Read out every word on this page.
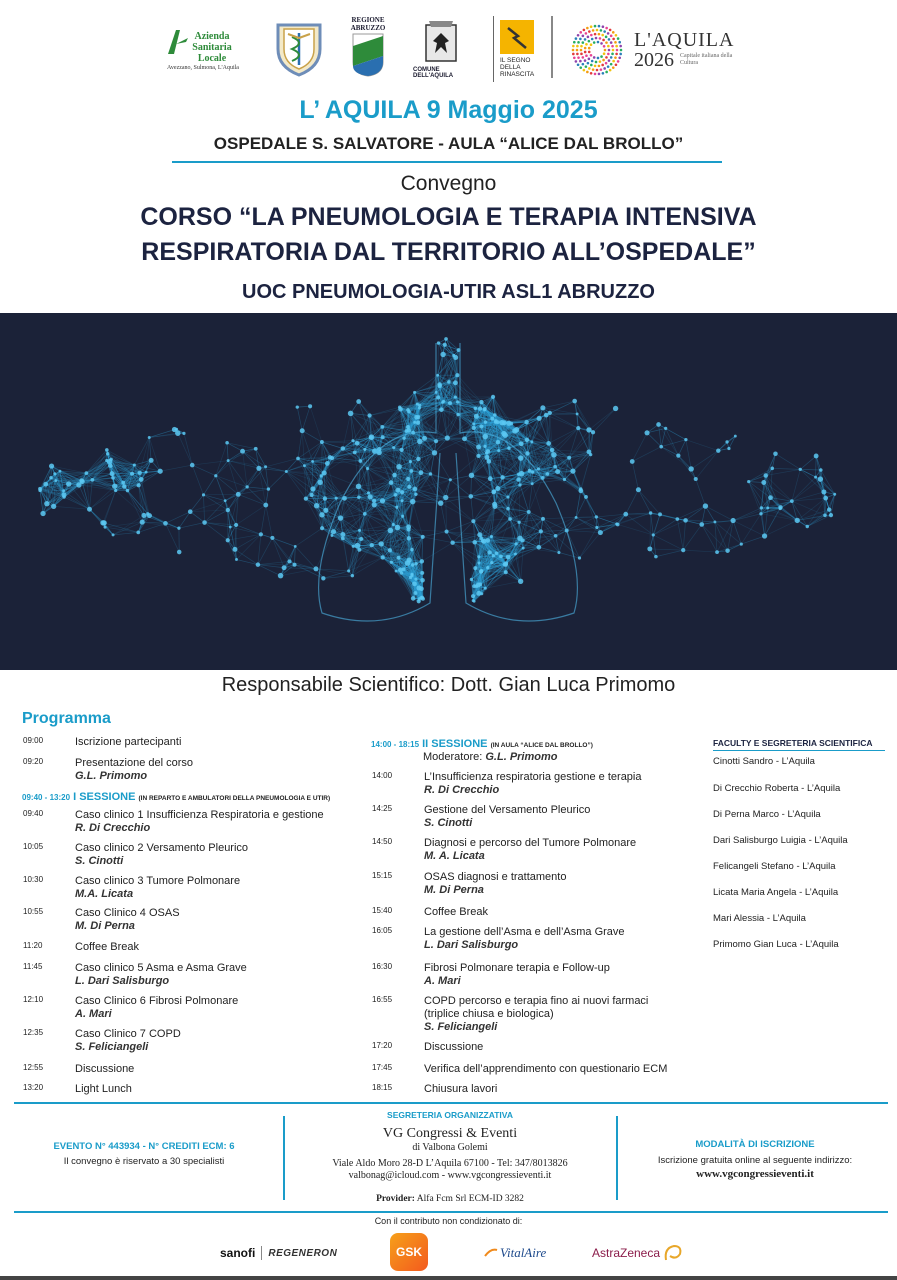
Azienda
Sanitaria
Locale
Avezzano, Sulmona, L'Aquila
REGIONE
ABRUZZO
COMUNE DELL'AQUILA
IL SEGNO
DELLA
RINASCITA
L'AQUILA
2026 Capitale italiana della Cultura
L’ AQUILA 9 Maggio 2025
OSPEDALE S. SALVATORE - AULA “ALICE DAL BROLLO”
Convegno
CORSO “LA PNEUMOLOGIA E TERAPIA INTENSIVA
RESPIRATORIA DAL TERRITORIO ALL’OSPEDALE”
UOC PNEUMOLOGIA-UTIR ASL1 ABRUZZO
Responsabile Scientifico: Dott. Gian Luca Primomo
Programma
09:00	Iscrizione partecipanti
09:20	Presentazione del corso
G.L. Primomo
09:40	Caso clinico 1 Insufficienza Respiratoria e gestione
R. Di Crecchio
10:05	Caso clinico 2 Versamento Pleurico
S. Cinotti
10:30	Caso clinico 3 Tumore Polmonare
M.A. Licata
10:55	Caso Clinico 4 OSAS
M. Di Perna
11:20	Coffee Break
11:45	Caso clinico 5 Asma e Asma Grave
L. Dari Salisburgo
12:10	Caso Clinico 6 Fibrosi Polmonare
A. Mari
12:35	Caso Clinico 7 COPD
S. Feliciangeli
12:55	Discussione
13:20	Light Lunch
14:00	L’Insufficienza respiratoria gestione e terapia
R. Di Crecchio
14:25	Gestione del Versamento Pleurico
S. Cinotti
14:50	Diagnosi e percorso del Tumore Polmonare
M. A. Licata
15:15	OSAS diagnosi e trattamento
M. Di Perna
15:40	Coffee Break
16:05	La gestione dell’Asma e dell’Asma Grave
L. Dari Salisburgo
16:30	Fibrosi Polmonare terapia e Follow-up
A. Mari
16:55	COPD percorso e terapia fino ai nuovi farmaci
(triplice chiusa e biologica)
S. Feliciangeli
17:20	Discussione
17:45	Verifica dell’apprendimento con questionario ECM
18:15	Chiusura lavori
09:40 - 13:20 I SESSIONE (IN REPARTO E AMBULATORI DELLA PNEUMOLOGIA E UTIR)
14:00 - 18:15 II SESSIONE (IN AULA “ALICE DAL BROLLO”)
Moderatore: G.L. Primomo
FACULTY E SEGRETERIA SCIENTIFICA
Cinotti Sandro - L’Aquila
Di Crecchio Roberta - L’Aquila
Di Perna Marco - L’Aquila
Dari Salisburgo Luigia - L’Aquila
Felicangeli Stefano - L’Aquila
Licata Maria Angela - L’Aquila
Mari Alessia - L’Aquila
Primomo Gian Luca - L’Aquila
EVENTO N° 443934 - N° CREDITI ECM: 6
Il convegno è riservato a 30 specialisti
SEGRETERIA ORGANIZZATIVA
VG Congressi & Eventi
di Valbona Golemi
Viale Aldo Moro 28-D L’Aquila 67100 - Tel: 347/8013826
valbonag@icloud.com - www.vgcongressieventi.it
Provider: Alfa Fcm Srl ECM-ID 3282
MODALITÀ DI ISCRIZIONE
Iscrizione gratuita online al seguente indirizzo:
www.vgcongressieventi.it
Con il contributo non condizionato di:
sanofi REGENERON	GSK	VitalAire	AstraZeneca
